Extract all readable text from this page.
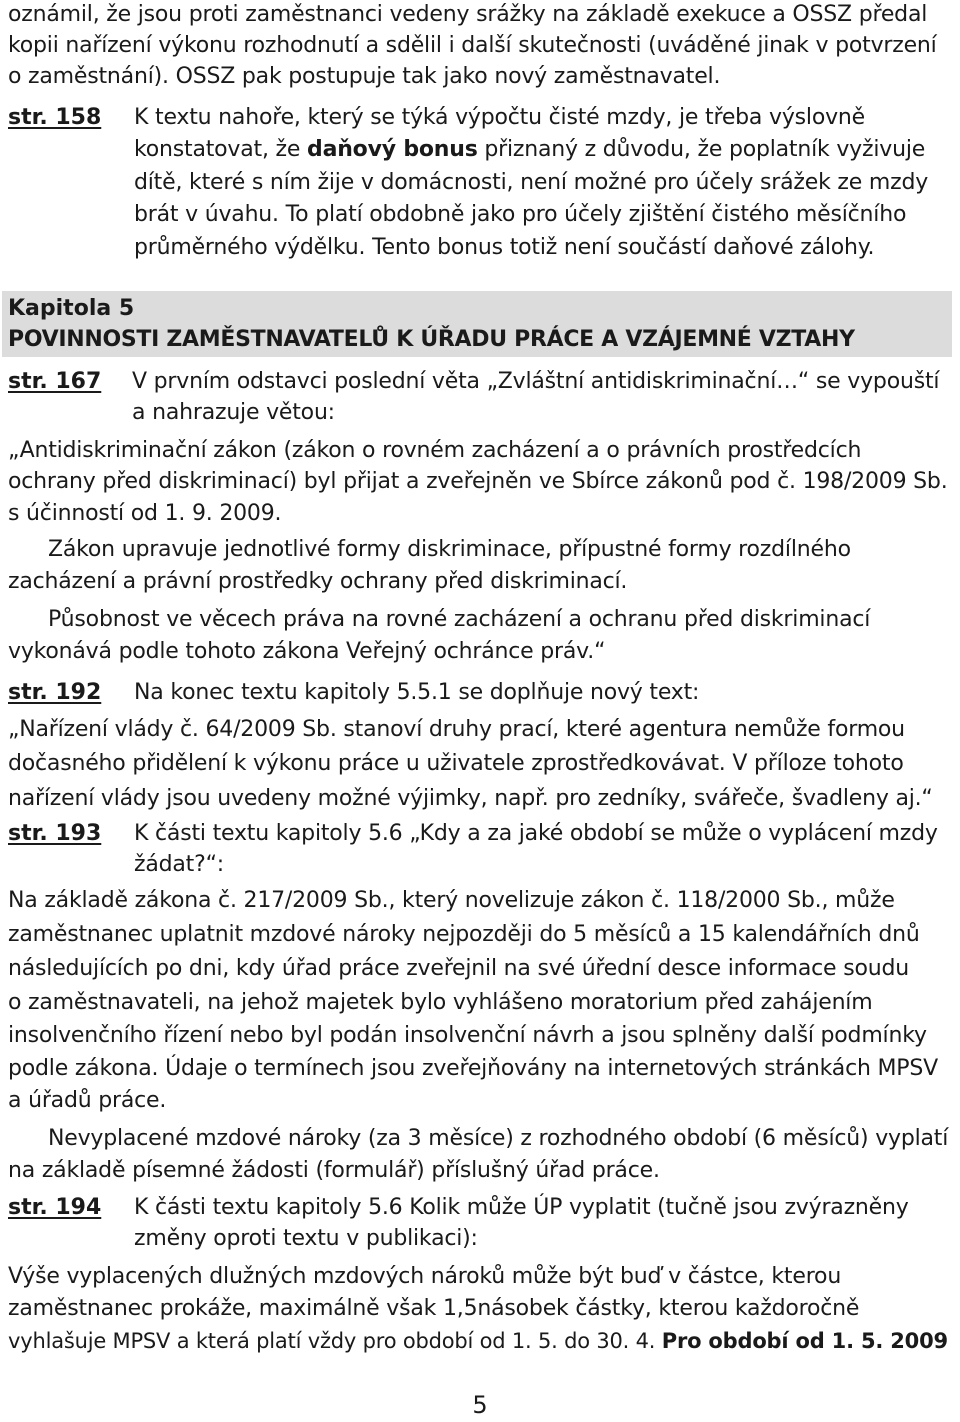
oznámil, že jsou proti zaměstnanci vedeny srážky na základě exekuce a OSSZ předal
kopii nařízení výkonu rozhodnutí a sdělil i další skutečnosti (uváděné jinak v potvrzení
o zaměstnání). OSSZ pak postupuje tak jako nový zaměstnavatel.
str. 158 K textu nahoře, který se týká výpočtu čisté mzdy, je třeba výslovně
konstatovat, že daňový bonus přiznaný z důvodu, že poplatník vyživuje
dítě, které s ním žije v domácnosti, není možné pro účely srážek ze mzdy
brát v úvahu. To platí obdobně jako pro účely zjištění čistého měsíčního
průměrného výdělku. Tento bonus totiž není součástí daňové zálohy.
Kapitola 5
POVINNOSTI ZAMĚSTNAVATELŮ K ÚŘADU PRÁCE A VZÁJEMNÉ VZTAHY
str. 167 V prvním odstavci poslední věta „Zvláštní antidiskriminační…“ se vypouští
a nahrazuje větou:
„Antidiskriminační zákon (zákon o rovném zacházení a o právních prostředcích
ochrany před diskriminací) byl přijat a zveřejněn ve Sbírce zákonů pod č. 198/2009 Sb.
s účinností od 1. 9. 2009.
Zákon upravuje jednotlivé formy diskriminace, přípustné formy rozdílného
zacházení a právní prostředky ochrany před diskriminací.
Působnost ve věcech práva na rovné zacházení a ochranu před diskriminací
vykonává podle tohoto zákona Veřejný ochránce práv.“
str. 192 Na konec textu kapitoly 5.5.1 se doplňuje nový text:
„Nařízení vlády č. 64/2009 Sb. stanoví druhy prací, které agentura nemůže formou
dočasného přidělení k výkonu práce u uživatele zprostředkovávat. V příloze tohoto
nařízení vlády jsou uvedeny možné výjimky, např. pro zedníky, svářeče, švadleny aj.“
str. 193 K části textu kapitoly 5.6 „Kdy a za jaké období se může o vyplácení mzdy
žádat?“:
Na základě zákona č. 217/2009 Sb., který novelizuje zákon č. 118/2000 Sb., může
zaměstnanec uplatnit mzdové nároky nejpozději do 5 měsíců a 15 kalendářních dnů
následujících po dni, kdy úřad práce zveřejnil na své úřední desce informace soudu
o zaměstnavateli, na jehož majetek bylo vyhlášeno moratorium před zahájením
insolvenčního řízení nebo byl podán insolvenční návrh a jsou splněny další podmínky
podle zákona. Údaje o termínech jsou zveřejňovány na internetových stránkách MPSV
a úřadů práce.
Nevyplacené mzdové nároky (za 3 měsíce) z rozhodného období (6 měsíců) vyplatí
na základě písemné žádosti (formulář) příslušný úřad práce.
str. 194 K části textu kapitoly 5.6 Kolik může ÚP vyplatit (tučně jsou zvýrazněny
změny oproti textu v publikaci):
Výše vyplacených dlužných mzdových nároků může být buď v částce, kterou
zaměstnanec prokáže, maximálně však 1,5násobek částky, kterou každoročně
vyhlašuje MPSV a která platí vždy pro období od 1. 5. do 30. 4. Pro období od 1. 5. 2009
5
